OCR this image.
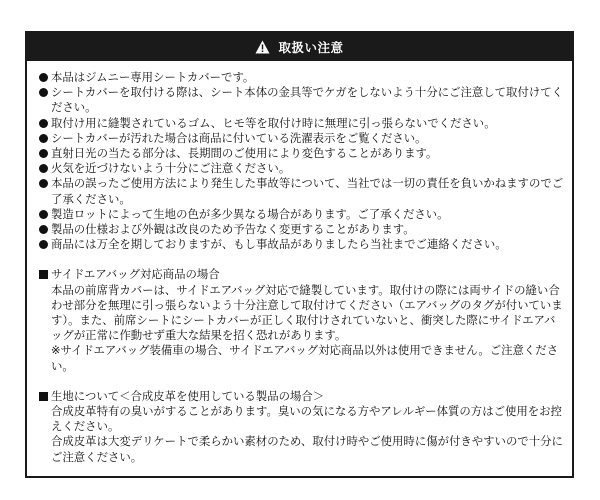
取扱い注意
本品はジムニー専用シートカバーです。
シートカバーを取付ける際は、シート本体の金具等でケガをしないよう十分にご注意して取付けてください。
取付け用に縫製されているゴム、ヒモ等を取付け時に無理に引っ張らないでください。
シートカバーが汚れた場合は商品に付いている洗濯表示をご覧ください。
直射日光の当たる部分は、長期間のご使用により変色することがあります。
火気を近づけないよう十分にご注意ください。
本品の誤ったご使用方法により発生した事故等について、当社では一切の責任を負いかねますのでご了承ください。
製造ロットによって生地の色が多少異なる場合があります。ご了承ください。
製品の仕様および外観は改良のため予告なく変更することがあります。
商品には万全を期しておりますが、もし事故品がありましたら当社までご連絡ください。
サイドエアバッグ対応商品の場合
本品の前席背カバーは、サイドエアバッグ対応で縫製しています。取付けの際には両サイドの縫い合わせ部分を無理に引っ張らないよう十分注意して取付けてください（エアバッグのタグが付いています）。また、前席シートにシートカバーが正しく取付けされていないと、衝突した際にサイドエアバッグが正常に作動せず重大な結果を招く恐れがあります。
※サイドエアバッグ装備車の場合、サイドエアバッグ対応商品以外は使用できません。ご注意ください。
生地について＜合成皮革を使用している製品の場合＞
合成皮革特有の臭いがすることがあります。臭いの気になる方やアレルギー体質の方はご使用をお控えください。
合成皮革は大変デリケートで柔らかい素材のため、取付け時やご使用時に傷が付きやすいので十分にご注意ください。
